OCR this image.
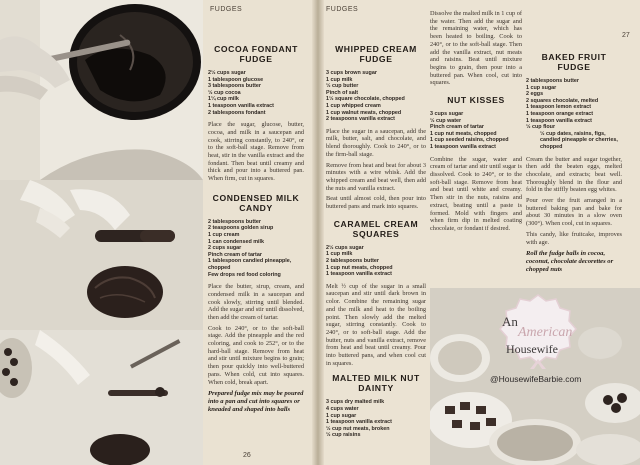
An
American
Housewife
@HousewifeBarbie.com
FUDGES	FUDGES
26
27
COCOA FONDANT FUDGE
2½ cups sugar
1 tablespoon glucose
3 tablespoons butter
½ cup cocoa
1¼ cup milk
1 teaspoon vanilla extract
2 tablespoons fondant

Place the sugar, glucose, butter, cocoa, and milk in a saucepan and cook, stirring constantly, to 240°, or to the soft-ball stage. Remove from heat, stir in the vanilla extract and the fondant. Then beat until creamy and thick and pour into a buttered pan. When firm, cut in squares.

CONDENSED MILK CANDY
2 tablespoons butter
2 teaspoons golden sirup
1 cup cream
1 can condensed milk
2 cups sugar
Pinch cream of tartar
1 tablespoon candied pineapple, chopped
Few drops red food coloring

Place the butter, sirup, cream, and condensed milk in a saucepan and cook slowly, stirring until blended. Add the sugar and stir until dissolved, then add the cream of tartar.

Cook to 240°, or to the soft-ball stage. Add the pineapple and the red coloring, and cook to 252°, or to the hard-ball stage. Remove from heat and stir until mixture begins to grain; then pour quickly into well-buttered pans. When cold, cut into squares. When cold, break apart.

Prepared fudge mix may be poured into a pan and cut into squares or kneaded and shaped into balls
WHIPPED CREAM FUDGE
3 cups brown sugar
1 cup milk
½ cup butter
Pinch of salt
1½ square chocolate, chopped
1 cup whipped cream
1 cup walnut meats, chopped
2 teaspoons vanilla extract

Place the sugar in a saucepan, add the milk, butter, salt, and chocolate, and blend thoroughly. Cook to 240°, or to the firm-ball stage.

Remove from heat and beat for about 3 minutes with a wire whisk. Add the whipped cream and beat well, then add the nuts and vanilla extract.

Beat until almost cold, then pour into buttered pans and mark into squares.

CARAMEL CREAM SQUARES
2½ cups sugar
1 cup milk
2 tablespoons butter
1 cup nut meats, chopped
1 teaspoon vanilla extract

Melt ½ cup of the sugar in a small saucepan and stir until dark brown in color. Combine the remaining sugar and the milk and heat to the boiling point. Then slowly add the melted sugar, stirring constantly. Cook to 240°, or to soft-ball stage. Add the butter, nuts and vanilla extract, remove from heat and beat until creamy. Pour into buttered pans, and when cool cut in squares.

MALTED MILK NUT DAINTY
3 cups dry malted milk
4 cups water
1 cup sugar
1 teaspoon vanilla extract
½ cup nut meats, broken
½ cup raisins

Dissolve the malted milk in 1 cup of the water. Then add the sugar and the remaining water, which has been heated to boiling. Cook to 240°, or to the soft-ball stage. Then add the vanilla extract, nut meats and raisins. Beat until mixture begins to grain, then pour into a buttered pan. When cool, cut into squares.

NUT KISSES
3 cups sugar
½ cup water
Pinch cream of tartar
1 cup nut meats, chopped
1 cup seeded raisins, chopped
1 teaspoon vanilla extract

Combine the sugar, water and cream of tartar and stir until sugar is dissolved. Cook to 240°, or to the soft-ball stage. Remove from heat and beat until white and creamy. Then stir in the nuts, raisins and extract, beating until a paste is formed. Mold with fingers and when firm dip in melted coating chocolate, or fondant if desired.

BAKED FRUIT FUDGE
2 tablespoons butter
1 cup sugar
2 eggs
2 squares chocolate, melted
1 teaspoon lemon extract
1 teaspoon orange extract
1 teaspoon vanilla extract
½ cup flour
½ cup dates, raisins, figs, candied pineapple or cherries, chopped

Cream the butter and sugar together, then add the beaten eggs, melted chocolate, and extracts; beat well. Thoroughly blend in the flour and fold in the stiffly beaten egg whites.

Pour over the fruit arranged in a buttered baking pan and bake for about 30 minutes in a slow oven (300°). When cool, cut in squares.

This candy, like fruitcake, improves with age.

Roll the fudge balls in cocoa, coconut, chocolate decorettes or chopped nuts
